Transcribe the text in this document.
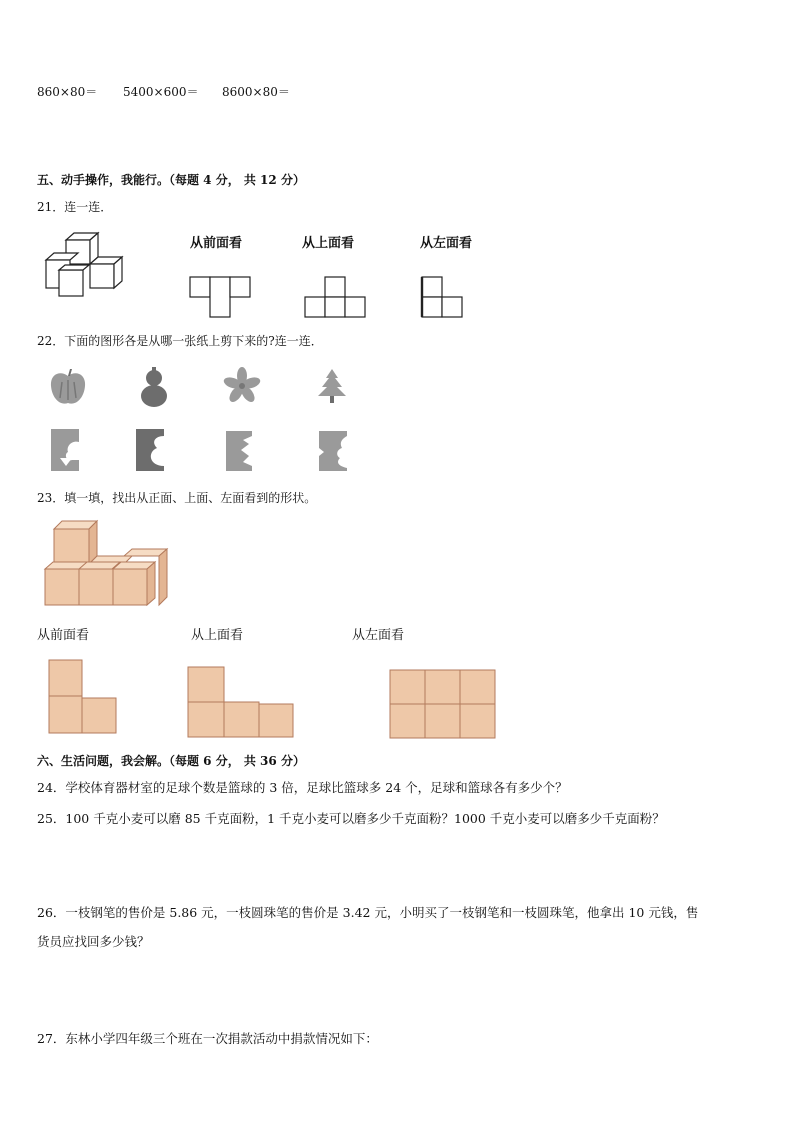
860×80＝ 5400×600＝ 8600×80＝
五、动手操作，我能行。（每题 4 分， 共 12 分）
21．连一连．
从前面看	从上面看	从左面看
22．下面的图形各是从哪一张纸上剪下来的?连一连．
23．填一填，找出从正面、上面、左面看到的形状。
从前面看	从上面看	从左面看
六、生活问题，我会解。（每题 6 分， 共 36 分）
24．学校体育器材室的足球个数是篮球的 3 倍，足球比篮球多 24 个，足球和篮球各有多少个？
25．100 千克小麦可以磨 85 千克面粉，1 千克小麦可以磨多少千克面粉？1000 千克小麦可以磨多少千克面粉？
26．一枝钢笔的售价是 5.86 元，一枝圆珠笔的售价是 3.42 元，小明买了一枝钢笔和一枝圆珠笔，他拿出 10 元钱，售
货员应找回多少钱？
27．东林小学四年级三个班在一次捐款活动中捐款情况如下：
